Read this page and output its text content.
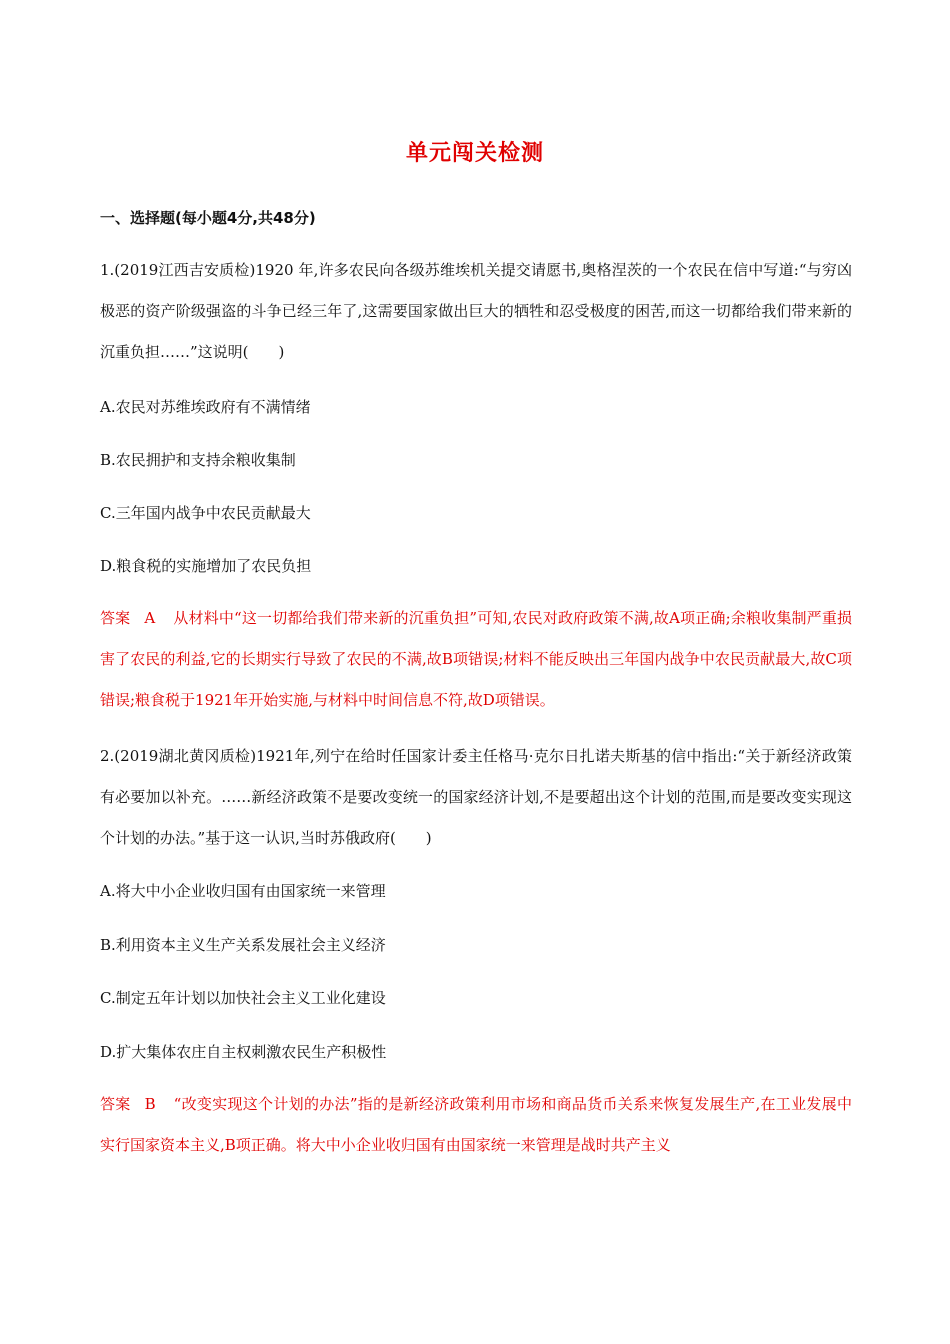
单元闯关检测
一、选择题(每小题4分,共48分)
1.(2019江西吉安质检)1920 年,许多农民向各级苏维埃机关提交请愿书,奥格涅茨的一个农民在信中写道:“与穷凶极恶的资产阶级强盗的斗争已经三年了,这需要国家做出巨大的牺牲和忍受极度的困苦,而这一切都给我们带来新的沉重负担……”这说明(　　)
A.农民对苏维埃政府有不满情绪
B.农民拥护和支持余粮收集制
C.三年国内战争中农民贡献最大
D.粮食税的实施增加了农民负担
答案 A 从材料中“这一切都给我们带来新的沉重负担”可知,农民对政府政策不满,故A项正确;余粮收集制严重损害了农民的利益,它的长期实行导致了农民的不满,故B项错误;材料不能反映出三年国内战争中农民贡献最大,故C项错误;粮食税于1921年开始实施,与材料中时间信息不符,故D项错误。
2.(2019湖北黄冈质检)1921年,列宁在给时任国家计委主任格马·克尔日扎诺夫斯基的信中指出:“关于新经济政策有必要加以补充。……新经济政策不是要改变统一的国家经济计划,不是要超出这个计划的范围,而是要改变实现这个计划的办法。”基于这一认识,当时苏俄政府(　　)
A.将大中小企业收归国有由国家统一来管理
B.利用资本主义生产关系发展社会主义经济
C.制定五年计划以加快社会主义工业化建设
D.扩大集体农庄自主权刺激农民生产积极性
答案 B “改变实现这个计划的办法”指的是新经济政策利用市场和商品货币关系来恢复发展生产,在工业发展中实行国家资本主义,B项正确。将大中小企业收归国有由国家统一来管理是战时共产主义
